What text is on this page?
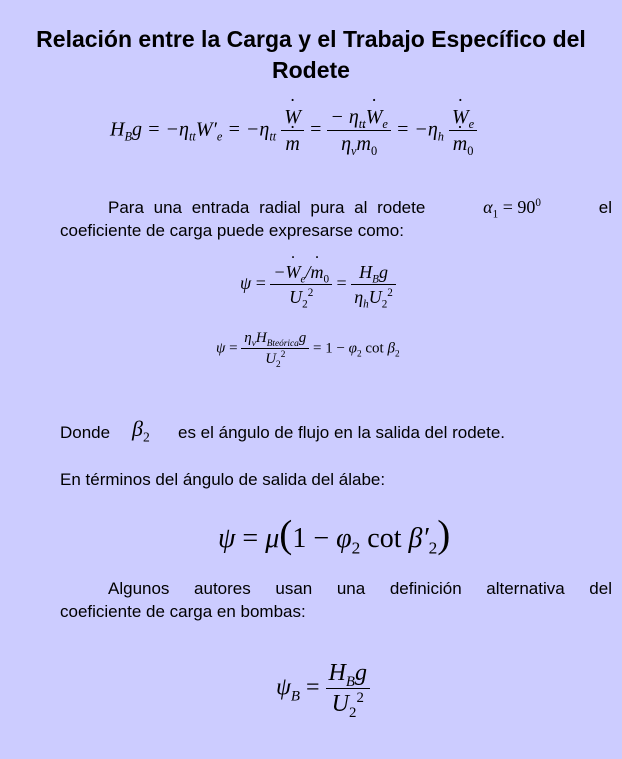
Relación entre la Carga y el Trabajo Específico del Rodete
$H_Bg = -\eta_{tt}W'_e = -\eta_{tt}$ ˙ W
˙ $m = \frac{- \eta_{tt}˙ W_e}{\eta_v˙ m_0} = -\eta_h$ ˙ $W_e$
˙ $m_0$
Para una entrada radial pura al rodete	$\alpha_1 = 90^0$	el
coeficiente de carga puede expresarse como:
$\psi = \frac{-˙ W_e/˙ m_0}{U_2^2} = \frac{H_Bg}{\eta_hU_2^2}$
$\psi = \frac{\eta_vH_{Bteórica}g}{U_2^2} = 1 - \varphi_2$ $\cot \beta_2$
Donde $\beta_2$ es el ángulo de flujo en la salida del rodete.
En términos del ángulo de salida del álabe:
$\psi = \mu(1 - \varphi_2$ $\cot \beta'_2$)
Algunos autores usan una definición alternativa del
coeficiente de carga en bombas:
$\psi_B = \frac{H_Bg}{U_2^2}$
